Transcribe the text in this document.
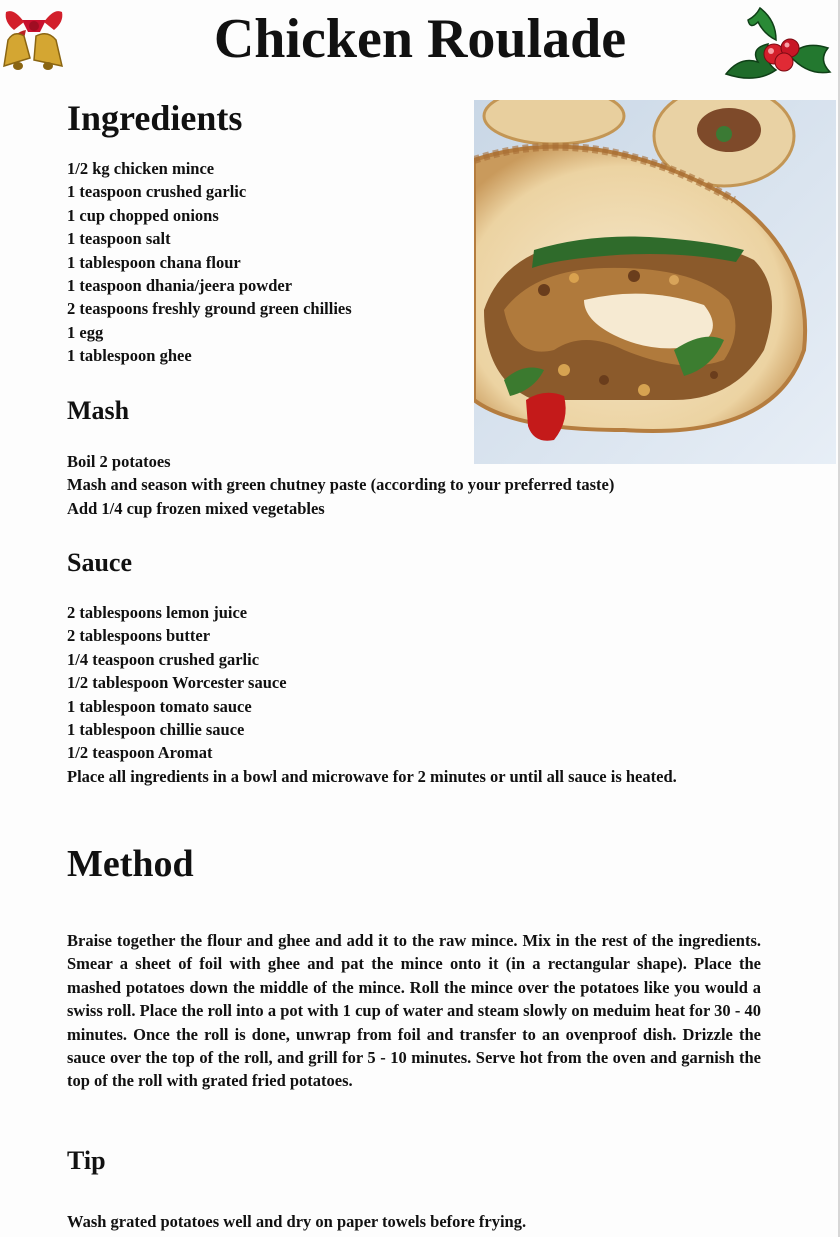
Chicken Roulade
Ingredients
1/2 kg chicken mince
1 teaspoon crushed garlic
1 cup chopped onions
1 teaspoon salt
1 tablespoon chana flour
1 teaspoon dhania/jeera powder
2 teaspoons freshly ground green chillies
1 egg
1 tablespoon ghee
Mash
Boil 2 potatoes
Mash and season with green chutney paste (according to your preferred taste)
Add 1/4 cup frozen mixed vegetables
Sauce
2 tablespoons lemon juice
2 tablespoons butter
1/4 teaspoon crushed garlic
1/2 tablespoon Worcester sauce
1 tablespoon tomato sauce
1 tablespoon chillie sauce
1/2 teaspoon Aromat

Place all ingredients in a bowl and microwave for 2 minutes or until all sauce is heated.

Method

Braise together the flour and ghee and add it to the raw mince. Mix in the rest of the ingredients. Smear a sheet of foil with ghee and pat the mince onto it (in a rectangular shape). Place the mashed potatoes down the middle of the mince. Roll the mince over the potatoes like you would a swiss roll. Place the roll into a pot with 1 cup of water and steam slowly on meduim heat for 30 - 40 minutes. Once the roll is done, unwrap from foil and transfer to an ovenproof dish. Drizzle the sauce over the top of the roll, and grill for 5 - 10 minutes. Serve hot from the oven and garnish the top of the roll with grated fried potatoes.

Tip

Wash grated potatoes well and dry on paper towels before frying.
